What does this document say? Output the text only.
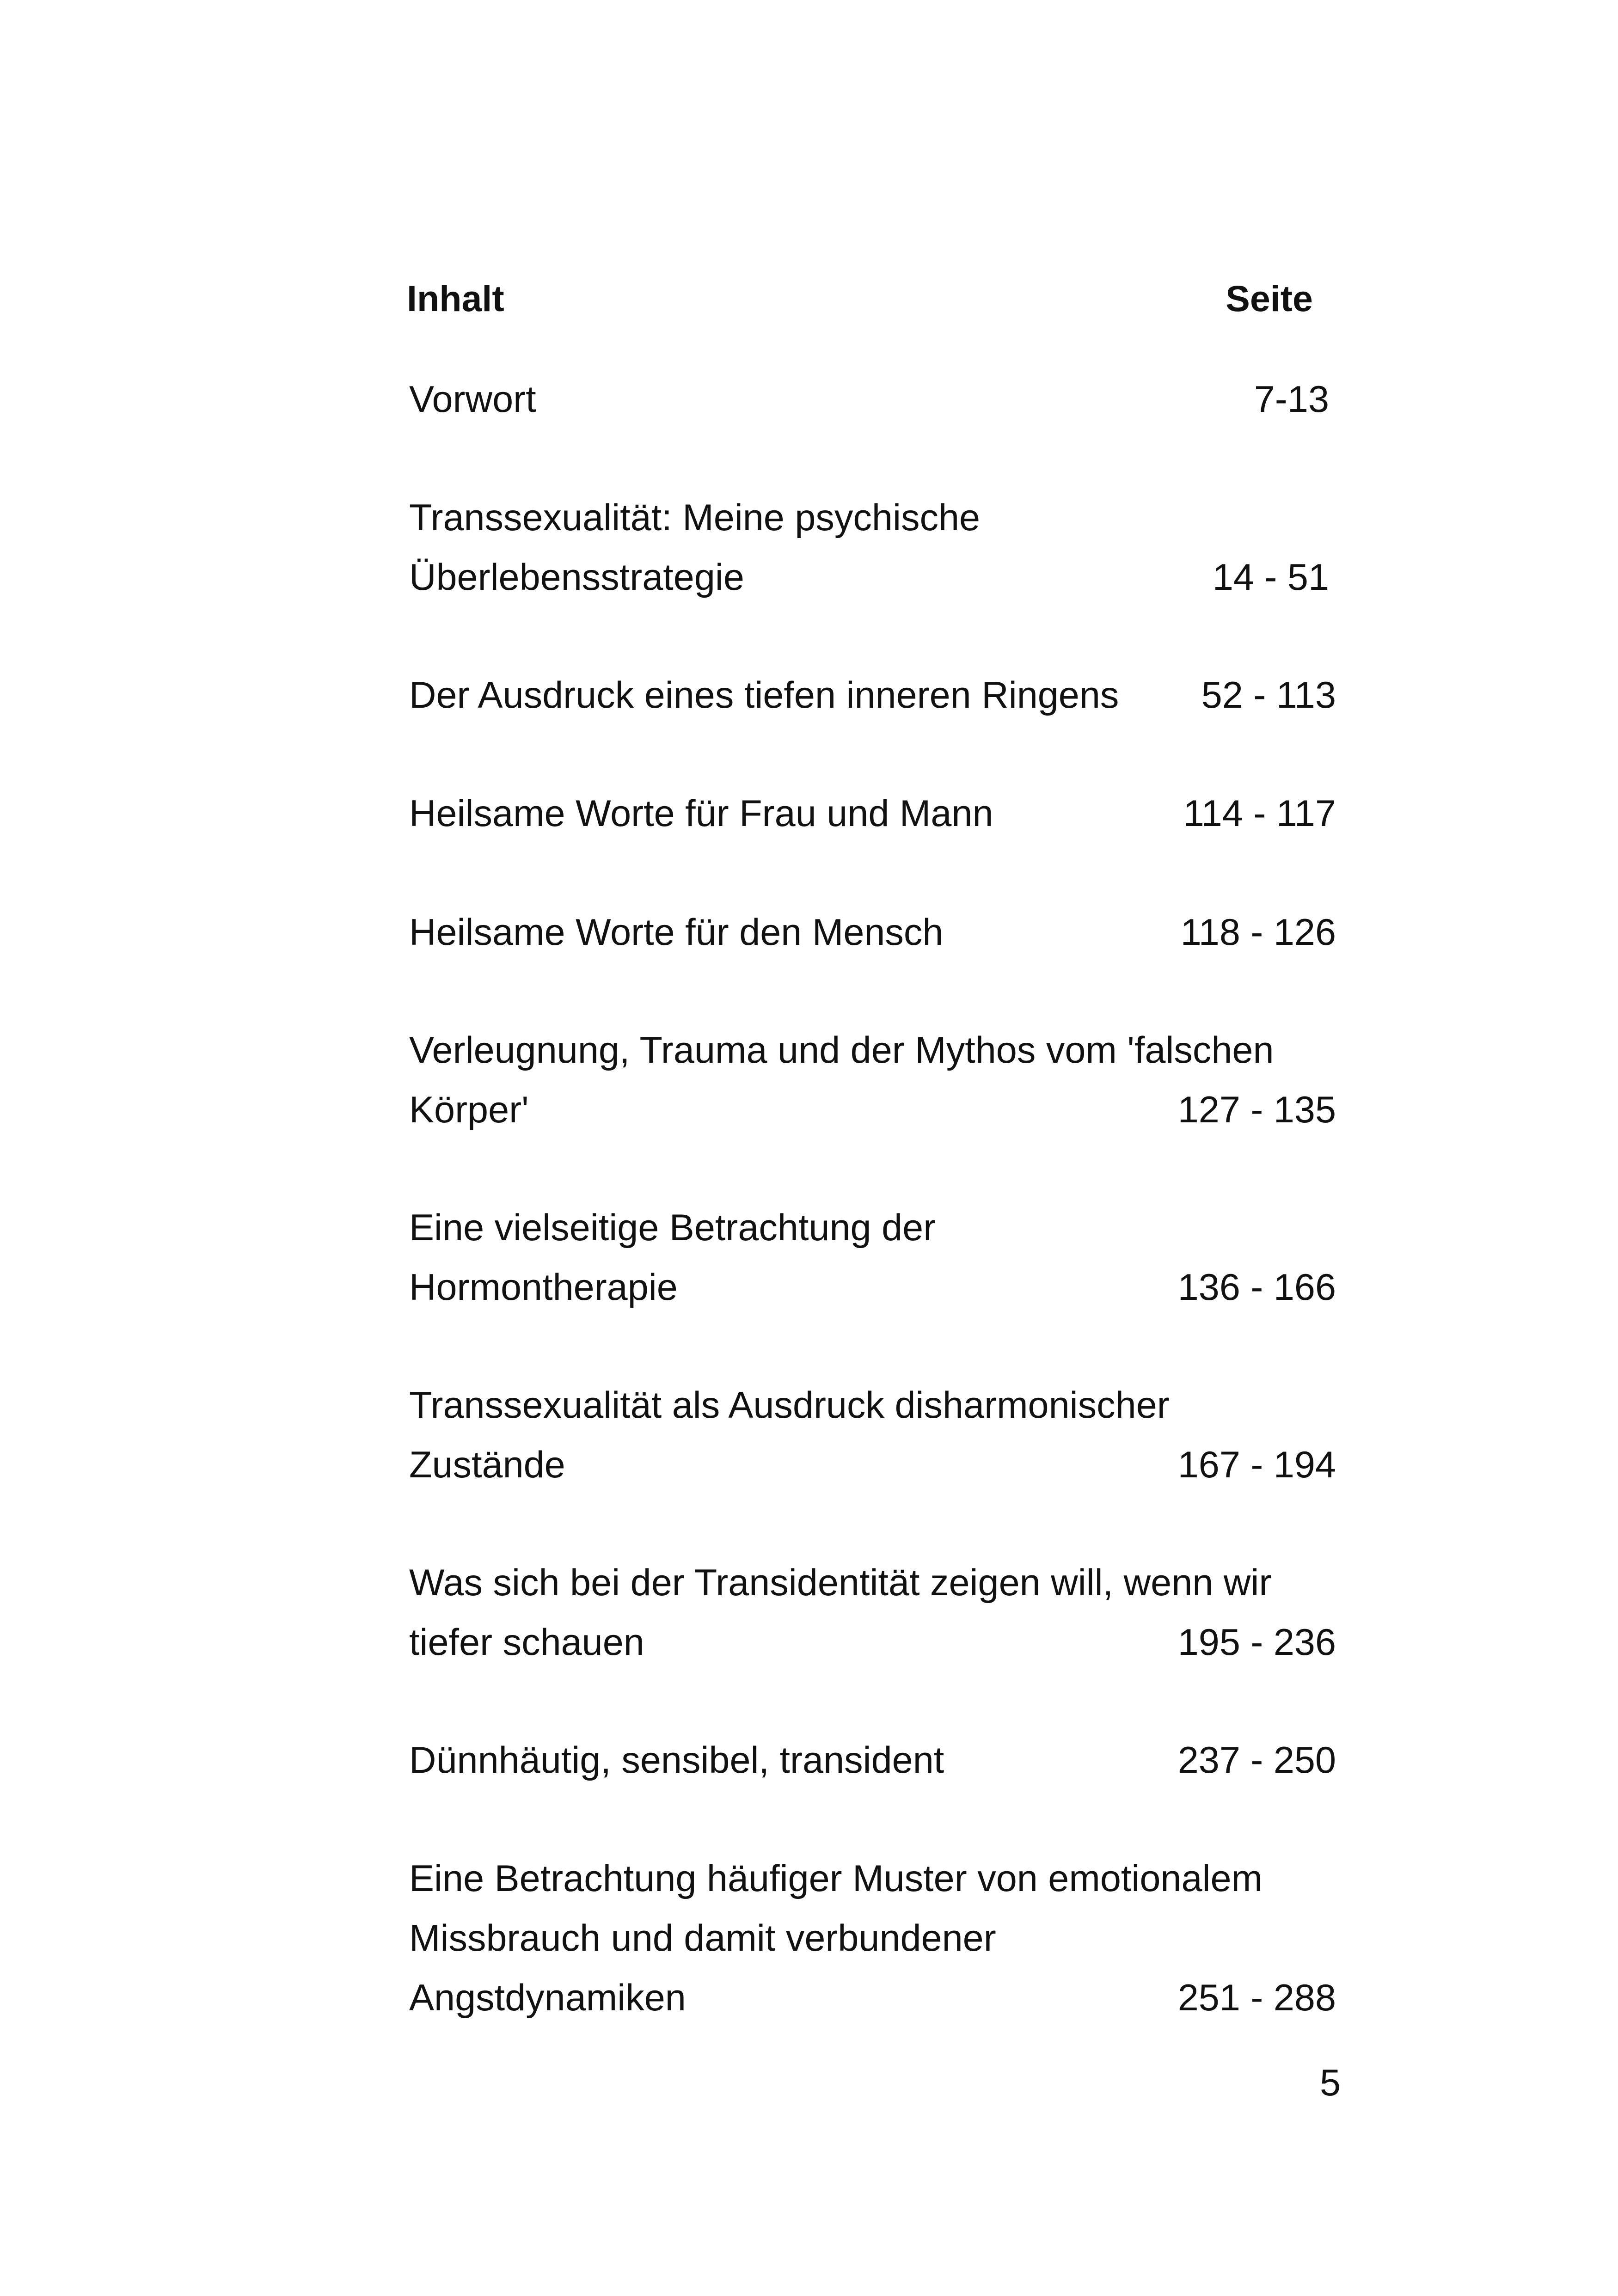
Inhalt	Seite
Vorwort	7-13
Transsexualität: Meine psychische
Überlebensstrategie	14 - 51
Der Ausdruck eines tiefen inneren Ringens	52 - 113
Heilsame Worte für Frau und Mann	114 - 117
Heilsame Worte für den Mensch	118 - 126
Verleugnung, Trauma und der Mythos vom 'falschen
Körper'	127 - 135
Eine vielseitige Betrachtung der
Hormontherapie	136 - 166
Transsexualität als Ausdruck disharmonischer
Zustände	167 - 194
Was sich bei der Transidentität zeigen will, wenn wir
tiefer schauen	195 - 236
Dünnhäutig, sensibel, transident	237 - 250
Eine Betrachtung häufiger Muster von emotionalem
Missbrauch und damit verbundener
Angstdynamiken	251 - 288
5
